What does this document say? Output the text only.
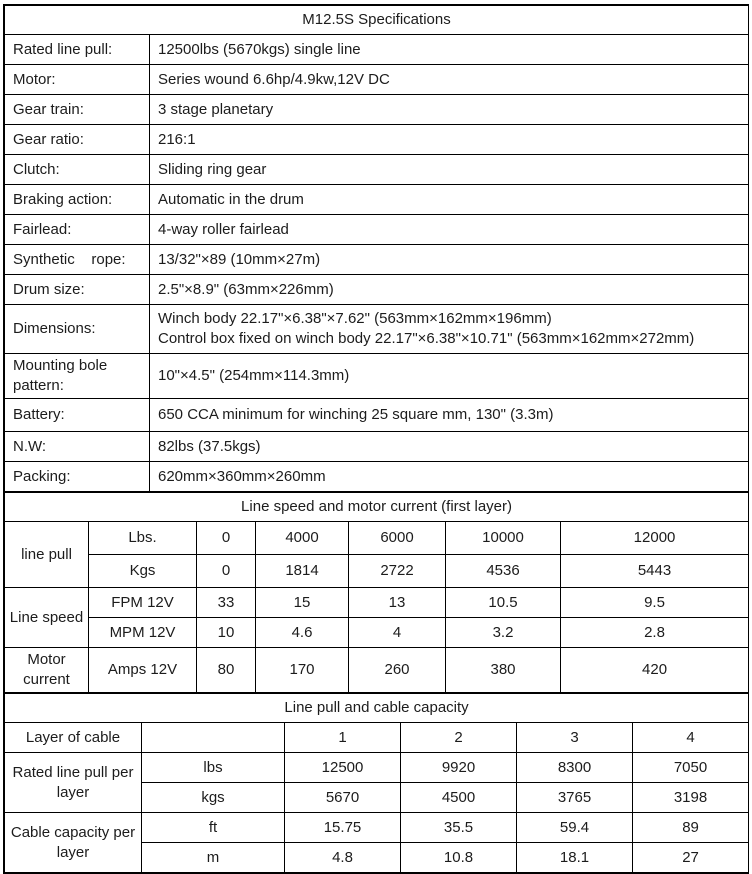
M12.5S Specifications	
Rated line pull:	12500lbs (5670kgs) single line
Motor:	Series wound 6.6hp/4.9kw,12V DC
Gear train:	3 stage planetary
Gear ratio:	216:1
Clutch:	Sliding ring gear
Braking action:	Automatic in the drum
Fairlead:	4-way roller fairlead
Synthetic    rope:	13/32"×89 (10mm×27m)
Drum size:	2.5"×8.9" (63mm×226mm)
Dimensions:	Winch body 22.17"×6.38"×7.62" (563mm×162mm×196mm)
Control box fixed on winch body 22.17"×6.38"×10.71" (563mm×162mm×272mm)

Mounting bole pattern:	10"×4.5" (254mm×114.3mm)
Battery:	650 CCA minimum for winching 25 square mm, 130" (3.3m)
N.W:	82lbs (37.5kgs)
Packing:	620mm×360mm×260mm
Line speed and motor current (first layer)						
line pull	Lbs.	0	4000	6000	10000	12000
	Kgs	0	1814	2722	4536	5443
Line speed	FPM 12V	33	15	13	10.5	9.5
	MPM 12V	10	4.6	4	3.2	2.8
Motor current	Amps 12V	80	170	260	380	420
Line pull and cable capacity					
Layer of cable		1	2	3	4
Rated line pull per layer	lbs	12500	9920	8300	7050
	kgs	5670	4500	3765	3198
Cable capacity per layer	ft	15.75	35.5	59.4	89
	m	4.8	10.8	18.1	27
